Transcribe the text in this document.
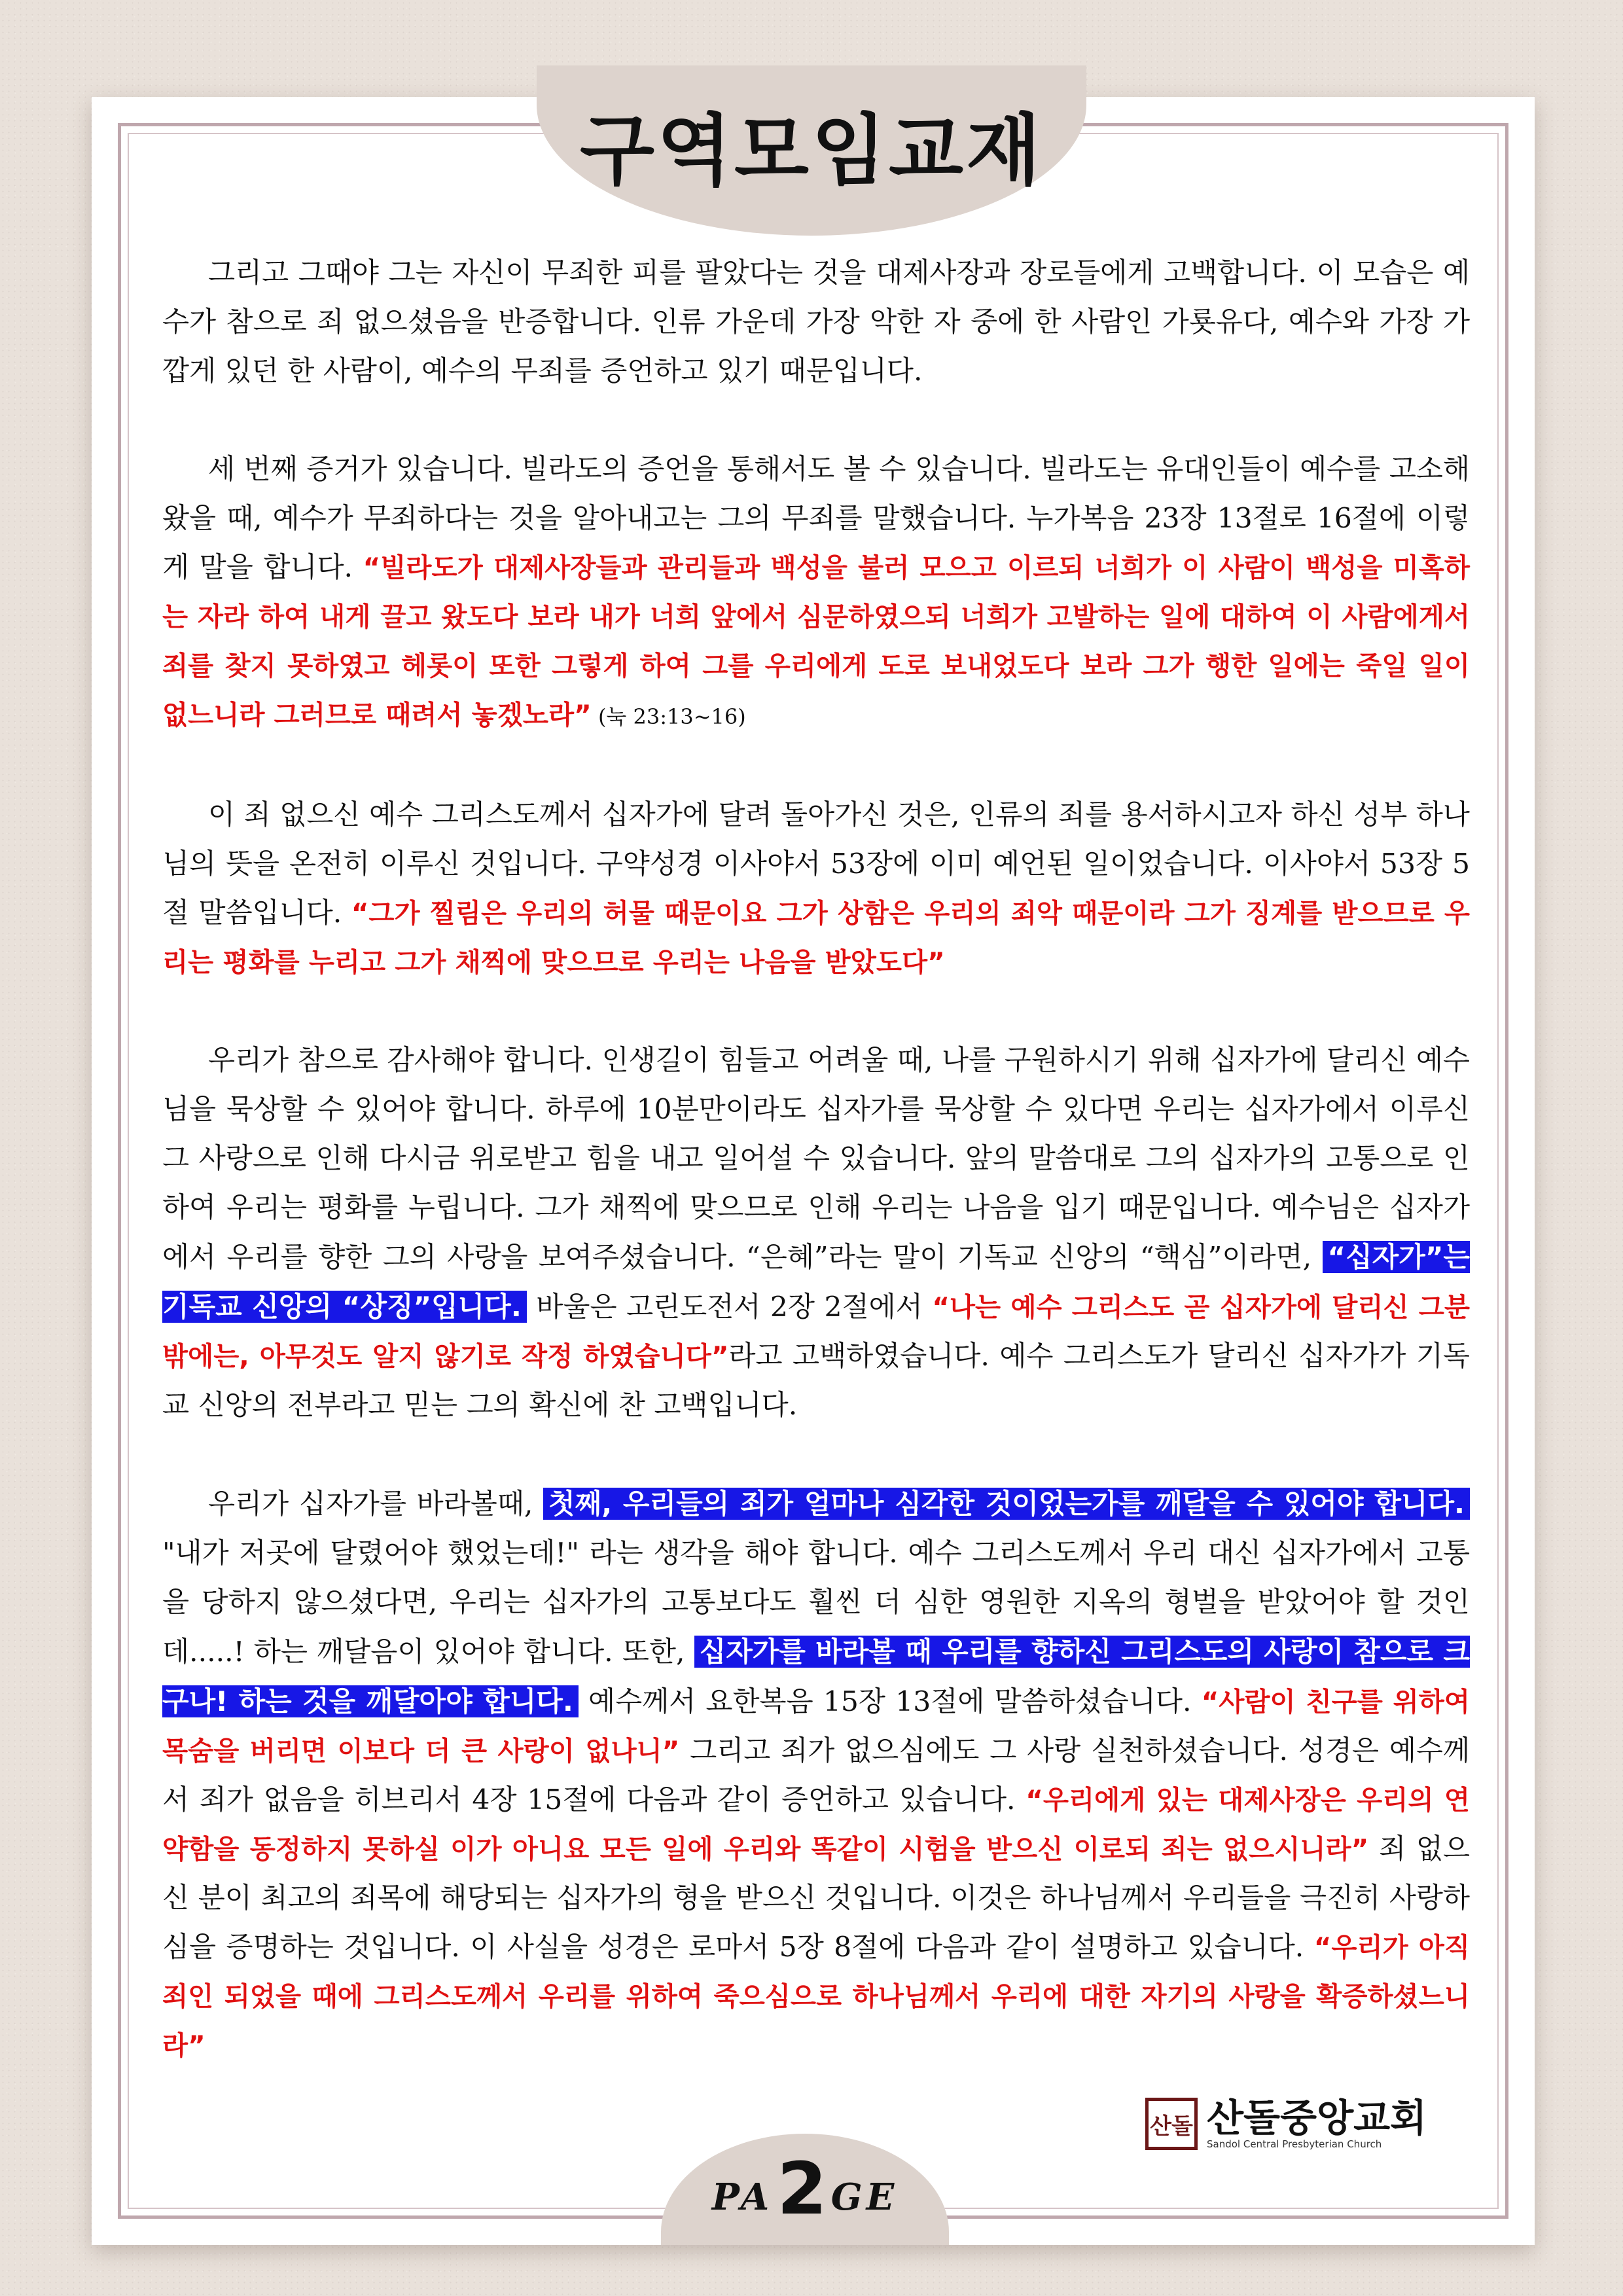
구역모임교재

그리고 그때야 그는 자신이 무죄한 피를 팔았다는 것을 대제사장과 장로들에게 고백합니다. 이 모습은 예수가 참으로 죄 없으셨음을 반증합니다. 인류 가운데 가장 악한 자 중에 한 사람인 가룟유다, 예수와 가장 가깝게 있던 한 사람이, 예수의 무죄를 증언하고 있기 때문입니다.

세 번째 증거가 있습니다. 빌라도의 증언을 통해서도 볼 수 있습니다. 빌라도는 유대인들이 예수를 고소해 왔을 때, 예수가 무죄하다는 것을 알아내고는 그의 무죄를 말했습니다. 누가복음 23장 13절로 16절에 이렇게 말을 합니다. “빌라도가 대제사장들과 관리들과 백성을 불러 모으고 이르되 너희가 이 사람이 백성을 미혹하는 자라 하여 내게 끌고 왔도다 보라 내가 너희 앞에서 심문하였으되 너희가 고발하는 일에 대하여 이 사람에게서 죄를 찾지 못하였고 헤롯이 또한 그렇게 하여 그를 우리에게 도로 보내었도다 보라 그가 행한 일에는 죽일 일이 없느니라 그러므로 때려서 놓겠노라” (눅 23:13~16)

이 죄 없으신 예수 그리스도께서 십자가에 달려 돌아가신 것은, 인류의 죄를 용서하시고자 하신 성부 하나님의 뜻을 온전히 이루신 것입니다. 구약성경 이사야서 53장에 이미 예언된 일이었습니다. 이사야서 53장 5절 말씀입니다. “그가 찔림은 우리의 허물 때문이요 그가 상함은 우리의 죄악 때문이라 그가 징계를 받으므로 우리는 평화를 누리고 그가 채찍에 맞으므로 우리는 나음을 받았도다”

우리가 참으로 감사해야 합니다. 인생길이 힘들고 어려울 때, 나를 구원하시기 위해 십자가에 달리신 예수님을 묵상할 수 있어야 합니다. 하루에 10분만이라도 십자가를 묵상할 수 있다면 우리는 십자가에서 이루신 그 사랑으로 인해 다시금 위로받고 힘을 내고 일어설 수 있습니다. 앞의 말씀대로 그의 십자가의 고통으로 인하여 우리는 평화를 누립니다. 그가 채찍에 맞으므로 인해 우리는 나음을 입기 때문입니다. 예수님은 십자가에서 우리를 향한 그의 사랑을 보여주셨습니다. “은혜”라는 말이 기독교 신앙의 “핵심”이라면, “십자가”는 기독교 신앙의 “상징”입니다. 바울은 고린도전서 2장 2절에서 “나는 예수 그리스도 곧 십자가에 달리신 그분 밖에는, 아무것도 알지 않기로 작정 하였습니다”라고 고백하였습니다. 예수 그리스도가 달리신 십자가가 기독교 신앙의 전부라고 믿는 그의 확신에 찬 고백입니다.

우리가 십자가를 바라볼때, 첫째, 우리들의 죄가 얼마나 심각한 것이었는가를 깨달을 수 있어야 합니다. "내가 저곳에 달렸어야 했었는데!" 라는 생각을 해야 합니다. 예수 그리스도께서 우리 대신 십자가에서 고통을 당하지 않으셨다면, 우리는 십자가의 고통보다도 훨씬 더 심한 영원한 지옥의 형벌을 받았어야 할 것인데.....! 하는 깨달음이 있어야 합니다. 또한, 십자가를 바라볼 때 우리를 향하신 그리스도의 사랑이 참으로 크구나! 하는 것을 깨달아야 합니다. 예수께서 요한복음 15장 13절에 말씀하셨습니다. “사람이 친구를 위하여 목숨을 버리면 이보다 더 큰 사랑이 없나니” 그리고 죄가 없으심에도 그 사랑 실천하셨습니다. 성경은 예수께서 죄가 없음을 히브리서 4장 15절에 다음과 같이 증언하고 있습니다. “우리에게 있는 대제사장은 우리의 연약함을 동정하지 못하실 이가 아니요 모든 일에 우리와 똑같이 시험을 받으신 이로되 죄는 없으시니라” 죄 없으신 분이 최고의 죄목에 해당되는 십자가의 형을 받으신 것입니다. 이것은 하나님께서 우리들을 극진히 사랑하심을 증명하는 것입니다. 이 사실을 성경은 로마서 5장 8절에 다음과 같이 설명하고 있습니다. “우리가 아직 죄인 되었을 때에 그리스도께서 우리를 위하여 죽으심으로 하나님께서 우리에 대한 자기의 사랑을 확증하셨느니라”

산돌 산돌중앙교회
Sandol Central Presbyterian Church
PA2 GE
